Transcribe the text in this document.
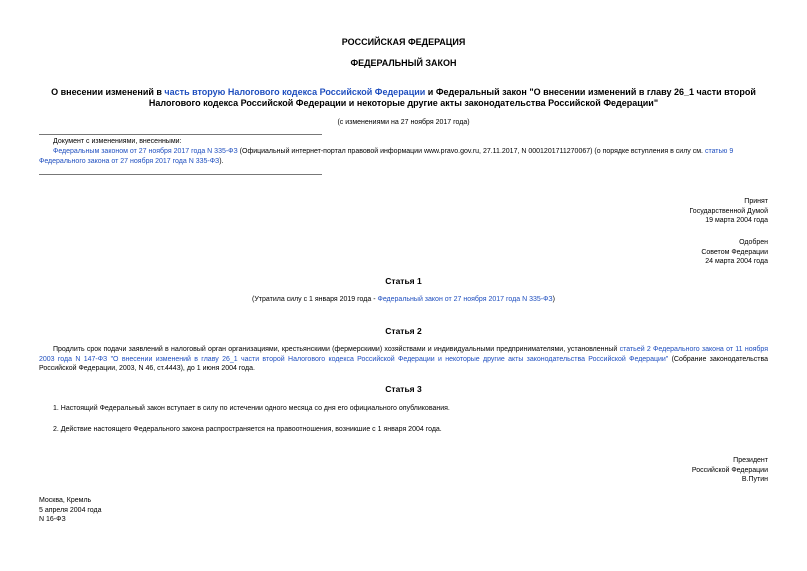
РОССИЙСКАЯ ФЕДЕРАЦИЯ
ФЕДЕРАЛЬНЫЙ ЗАКОН
О внесении изменений в часть вторую Налогового кодекса Российской Федерации и Федеральный закон "О внесении изменений в главу 26_1 части второй Налогового кодекса Российской Федерации и некоторые другие акты законодательства Российской Федерации"
(с изменениями на 27 ноября 2017 года)
Документ с изменениями, внесенными:
Федеральным законом от 27 ноября 2017 года N 335-ФЗ (Официальный интернет-портал правовой информации www.pravo.gov.ru, 27.11.2017, N 0001201711270067) (о порядке вступления в силу см. статью 9 Федерального закона от 27 ноября 2017 года N 335-ФЗ).
Принят
Государственной Думой
19 марта 2004 года
Одобрен
Советом Федерации
24 марта 2004 года
Статья 1
(Утратила силу с 1 января 2019 года - Федеральный закон от 27 ноября 2017 года N 335-ФЗ)
Статья 2
Продлить срок подачи заявлений в налоговый орган организациями, крестьянскими (фермерскими) хозяйствами и индивидуальными предпринимателями, установленный статьей 2 Федерального закона от 11 ноября 2003 года N 147-ФЗ "О внесении изменений в главу 26_1 части второй Налогового кодекса Российской Федерации и некоторые другие акты законодательства Российской Федерации" (Собрание законодательства Российской Федерации, 2003, N 46, ст.4443), до 1 июня 2004 года.
Статья 3
1. Настоящий Федеральный закон вступает в силу по истечении одного месяца со дня его официального опубликования.
2. Действие настоящего Федерального закона распространяется на правоотношения, возникшие с 1 января 2004 года.
Президент
Российской Федерации
В.Путин
Москва, Кремль
5 апреля 2004 года
N 16-ФЗ
